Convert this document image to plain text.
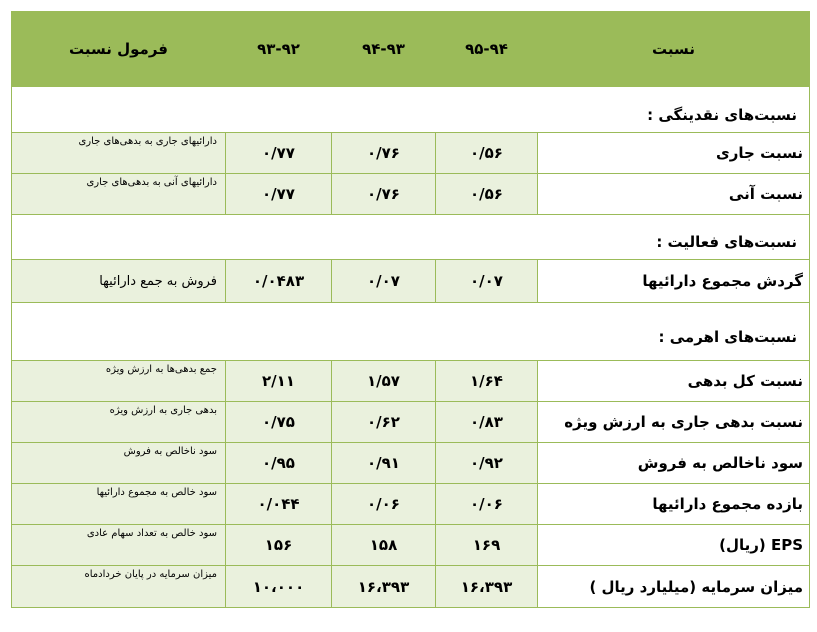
نسبت	۹۵-۹۴	۹۴-۹۳	۹۳-۹۲	فرمول نسبت
نسبت‌های نقدینگی :				
نسبت جاری	۰/۵۶	۰/۷۶	۰/۷۷	دارائیهای جاری به بدهی‌های جاری
نسبت آنی	۰/۵۶	۰/۷۶	۰/۷۷	دارائیهای آنی به بدهی‌های جاری
نسبت‌های فعالیت :				
گردش مجموع دارائیها	۰/۰۷	۰/۰۷	۰/۰۴۸۳	فروش به جمع دارائیها
نسبت‌های اهرمی :				
نسبت کل بدهی	۱/۶۴	۱/۵۷	۲/۱۱	جمع بدهی‌ها به ارزش ویژه
نسبت بدهی جاری به ارزش ویژه	۰/۸۳	۰/۶۲	۰/۷۵	بدهی جاری به ارزش ویژه
سود ناخالص به فروش	۰/۹۲	۰/۹۱	۰/۹۵	سود ناخالص به فروش
بازده مجموع دارائیها	۰/۰۶	۰/۰۶	۰/۰۴۴	سود خالص به مجموع دارائیها
EPS (ریال)	۱۶۹	۱۵۸	۱۵۶	سود خالص به تعداد سهام عادی
میزان سرمایه (میلیارد ریال )	۱۶،۳۹۳	۱۶،۳۹۳	۱۰،۰۰۰	میزان سرمایه در پایان خردادماه
